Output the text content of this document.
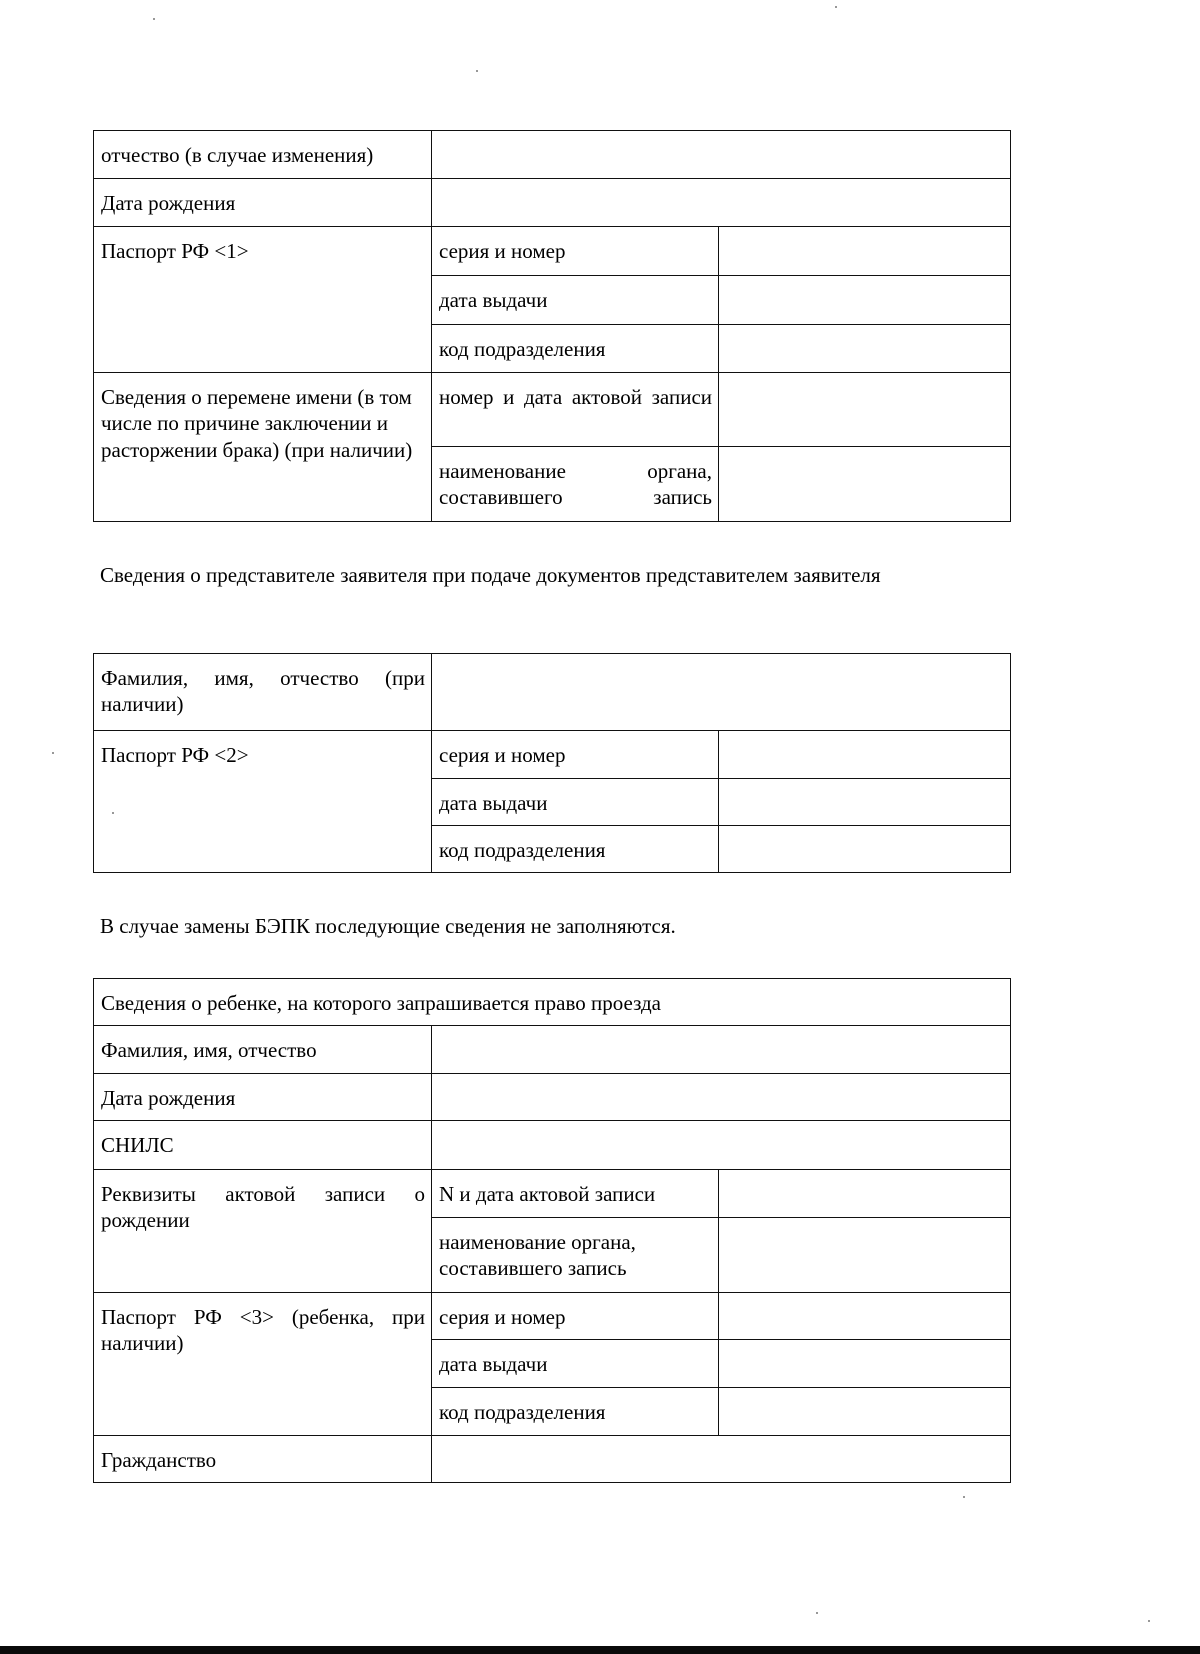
отчество (в случае изменения)		
Дата рождения		
Паспорт РФ <1>	серия и номер	
	дата выдачи	
	код подразделения	
Сведения о перемене имени (в том числе по причине заключении и расторжении брака) (при наличии)	номер и дата актовой записи	
	наименование органа, составившего запись	
Сведения о представителе заявителя при подаче документов представителем заявителя
Фамилия, имя, отчество (при наличии)		
Паспорт РФ <2>	серия и номер	
	дата выдачи	
	код подразделения	
В случае замены БЭПК последующие сведения не заполняются.
Сведения о ребенке, на которого запрашивается право проезда		
Фамилия, имя, отчество		
Дата рождения		
СНИЛС		
Реквизиты актовой записи о рождении	N и дата актовой записи	
	наименование органа, составившего запись	
Паспорт РФ <3> (ребенка, при наличии)	серия и номер	
	дата выдачи	
	код подразделения	
Гражданство		
